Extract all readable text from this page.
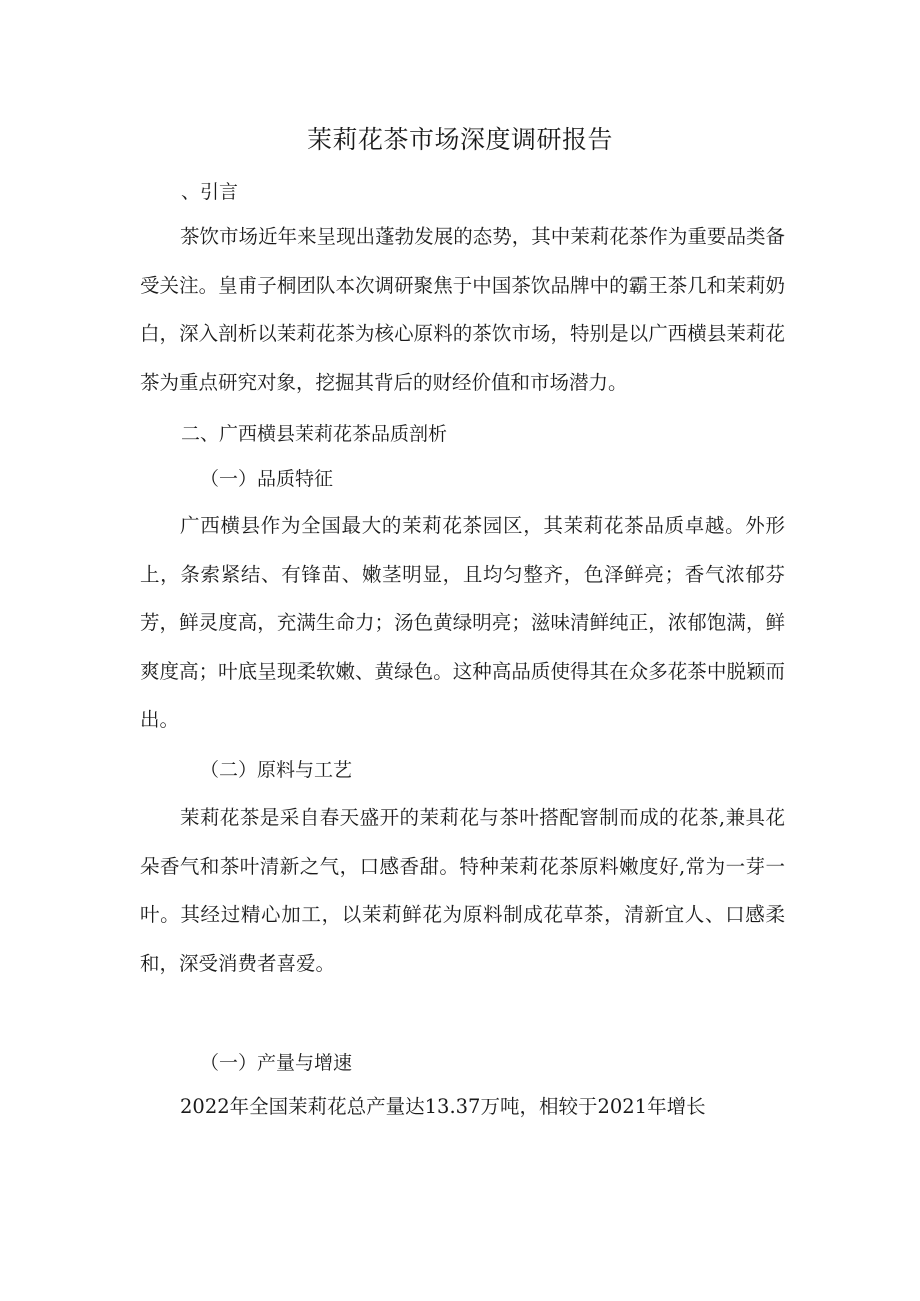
茉莉花茶市场深度调研报告
、引言

茶饮市场近年来呈现出蓬勃发展的态势，其中茉莉花茶作为重要品类备受关注。皇甫子桐团队本次调研聚焦于中国茶饮品牌中的霸王茶几和茉莉奶白，深入剖析以茉莉花茶为核心原料的茶饮市场，特别是以广西横县茉莉花茶为重点研究对象，挖掘其背后的财经价值和市场潜力。

二、广西横县茉莉花茶品质剖析
（一）品质特征

广西横县作为全国最大的茉莉花茶园区，其茉莉花茶品质卓越。外形上，条索紧结、有锋苗、嫩茎明显，且均匀整齐，色泽鲜亮；香气浓郁芬芳，鲜灵度高，充满生命力；汤色黄绿明亮；滋味清鲜纯正，浓郁饱满，鲜爽度高；叶底呈现柔软嫩、黄绿色。这种高品质使得其在众多花茶中脱颖而出。

（二）原料与工艺

茉莉花茶是采自春天盛开的茉莉花与茶叶搭配窨制而成的花茶,兼具花朵香气和茶叶清新之气，口感香甜。特种茉莉花茶原料嫩度好,常为一芽一叶。其经过精心加工，以茉莉鲜花为原料制成花草茶，清新宜人、口感柔和，深受消费者喜爱。

（一）产量与增速

2022年全国茉莉花总产量达13.37万吨，相较于2021年增长
